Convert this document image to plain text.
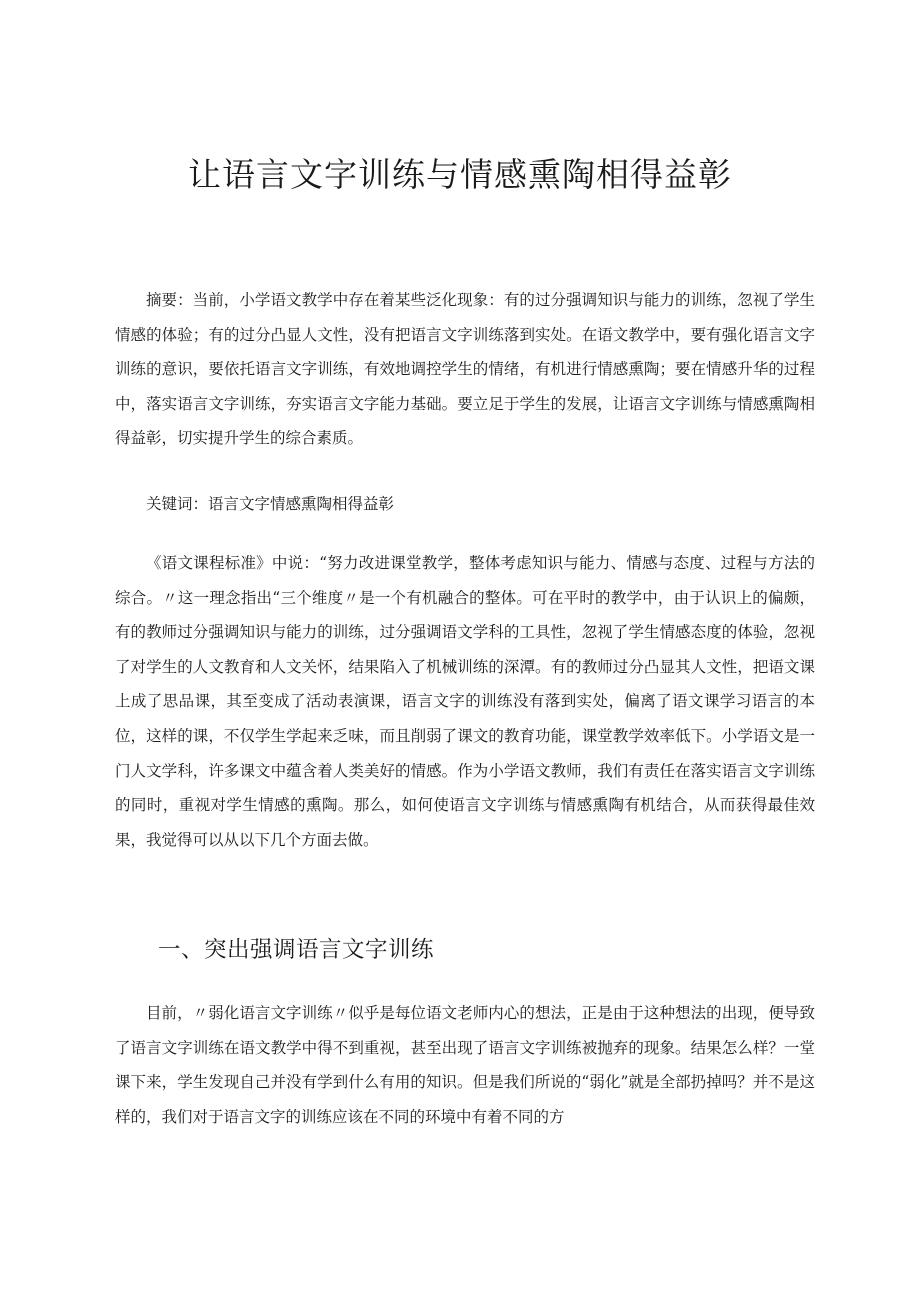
让语言文字训练与情感熏陶相得益彰

摘要：当前，小学语文教学中存在着某些泛化现象：有的过分强调知识与能力的训练，忽视了学生情感的体验；有的过分凸显人文性，没有把语言文字训练落到实处。在语文教学中，要有强化语言文字训练的意识，要依托语言文字训练，有效地调控学生的情绪，有机进行情感熏陶；要在情感升华的过程中，落实语言文字训练，夯实语言文字能力基础。要立足于学生的发展，让语言文字训练与情感熏陶相得益彰，切实提升学生的综合素质。

关键词：语言文字情感熏陶相得益彰

《语文课程标准》中说：“努力改进课堂教学，整体考虑知识与能力、情感与态度、过程与方法的综合。〃这一理念指出“三个维度〃是一个有机融合的整体。可在平时的教学中，由于认识上的偏颇，有的教师过分强调知识与能力的训练，过分强调语文学科的工具性，忽视了学生情感态度的体验，忽视了对学生的人文教育和人文关怀，结果陷入了机械训练的深潭。有的教师过分凸显其人文性，把语文课上成了思品课，其至变成了活动表演课，语言文字的训练没有落到实处，偏离了语文课学习语言的本位，这样的课，不仅学生学起来乏味，而且削弱了课文的教育功能，课堂教学效率低下。小学语文是一门人文学科，许多课文中蕴含着人类美好的情感。作为小学语文教师，我们有责任在落实语言文字训练的同时，重视对学生情感的熏陶。那么，如何使语言文字训练与情感熏陶有机结合，从而获得最佳效果，我觉得可以从以下几个方面去做。

一、突出强调语言文字训练

目前，〃弱化语言文字训练〃似乎是每位语文老师内心的想法，正是由于这种想法的出现，便导致了语言文字训练在语文教学中得不到重视，甚至出现了语言文字训练被抛弃的现象。结果怎么样？一堂课下来，学生发现自己并没有学到什么有用的知识。但是我们所说的“弱化”就是全部扔掉吗？并不是这样的，我们对于语言文字的训练应该在不同的环境中有着不同的方
